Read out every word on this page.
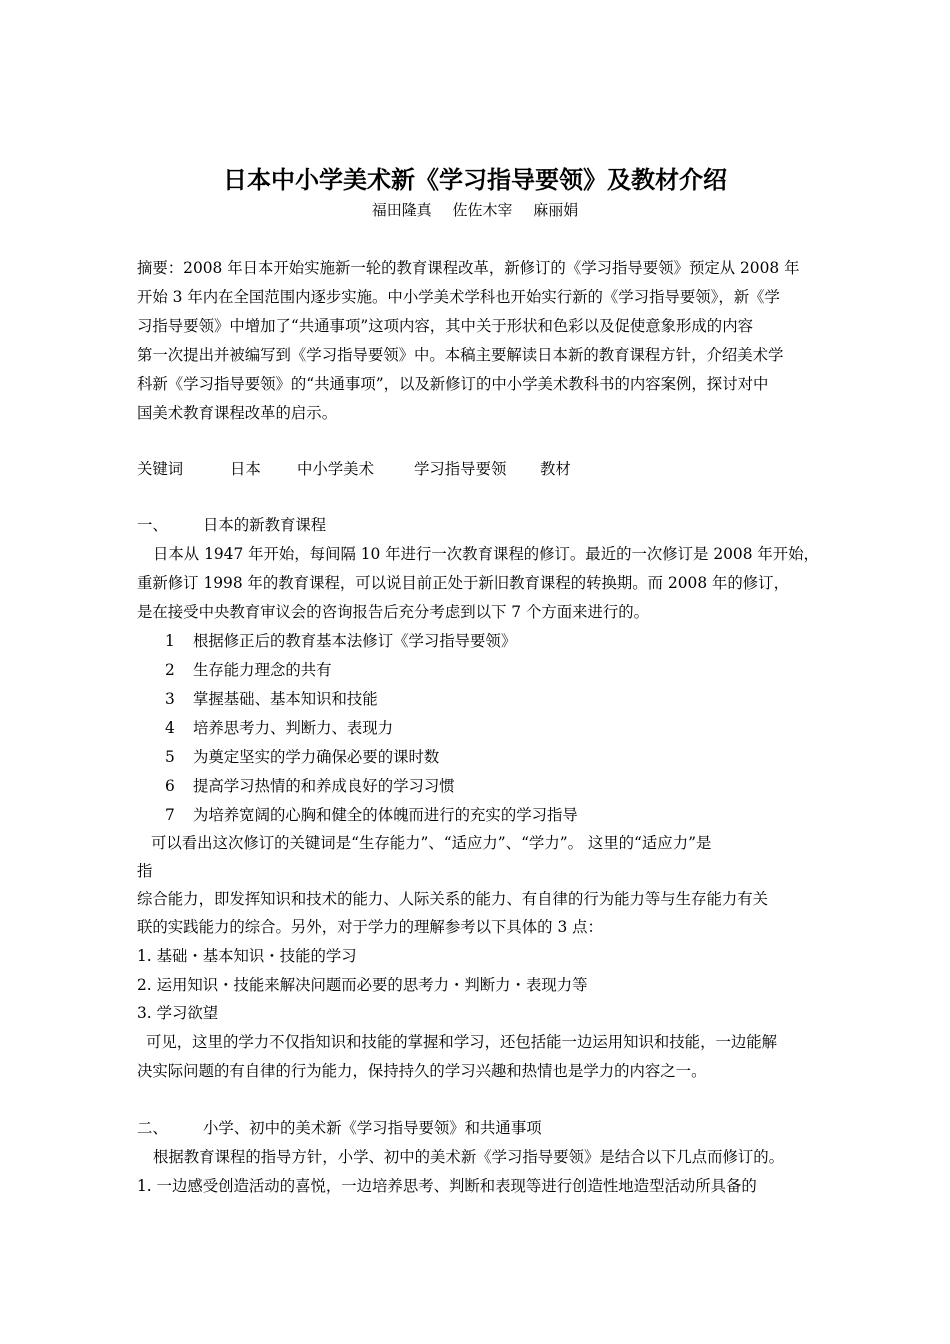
日本中小学美术新《学习指导要领》及教材介绍
福田隆真 佐佐木宰 麻丽娟
摘要：2008 年日本开始实施新一轮的教育课程改革，新修订的《学习指导要领》预定从 2008 年
开始 3 年内在全国范围内逐步实施。中小学美术学科也开始实行新的《学习指导要领》，新《学
习指导要领》中增加了“共通事项”这项内容，其中关于形状和色彩以及促使意象形成的内容
第一次提出并被编写到《学习指导要领》中。本稿主要解读日本新的教育课程方针，介绍美术学
科新《学习指导要领》的“共通事项”，以及新修订的中小学美术教科书的内容案例，探讨对中
国美术教育课程改革的启示。
关键词	日本 中小学美术	学习指导要领 教材
一、 日本的新教育课程
日本从 1947 年开始，每间隔 10 年进行一次教育课程的修订。最近的一次修订是 2008 年开始，
重新修订 1998 年的教育课程，可以说目前正处于新旧教育课程的转换期。而 2008 年的修订，
是在接受中央教育审议会的咨询报告后充分考虑到以下 7 个方面来进行的。
1 根据修正后的教育基本法修订《学习指导要领》
2 生存能力理念的共有
3 掌握基础、基本知识和技能
4 培养思考力、判断力、表现力
5 为奠定坚实的学力确保必要的课时数
6 提高学习热情的和养成良好的学习习惯
7 为培养宽阔的心胸和健全的体魄而进行的充实的学习指导
可以看出这次修订的关键词是“生存能力”、“适应力”、“学力”。 这里的“适应力”是
指
综合能力，即发挥知识和技术的能力、人际关系的能力、有自律的行为能力等与生存能力有关
联的实践能力的综合。另外，对于学力的理解参考以下具体的 3 点：
1. 基础・基本知识・技能的学习
2. 运用知识・技能来解决问题而必要的思考力・判断力・表现力等
3. 学习欲望
可见，这里的学力不仅指知识和技能的掌握和学习，还包括能一边运用知识和技能，一边能解
决实际问题的有自律的行为能力，保持持久的学习兴趣和热情也是学力的内容之一。
二、 小学、初中的美术新《学习指导要领》和共通事项
根据教育课程的指导方针，小学、初中的美术新《学习指导要领》是结合以下几点而修订的。
1. 一边感受创造活动的喜悦，一边培养思考、判断和表现等进行创造性地造型活动所具备的
